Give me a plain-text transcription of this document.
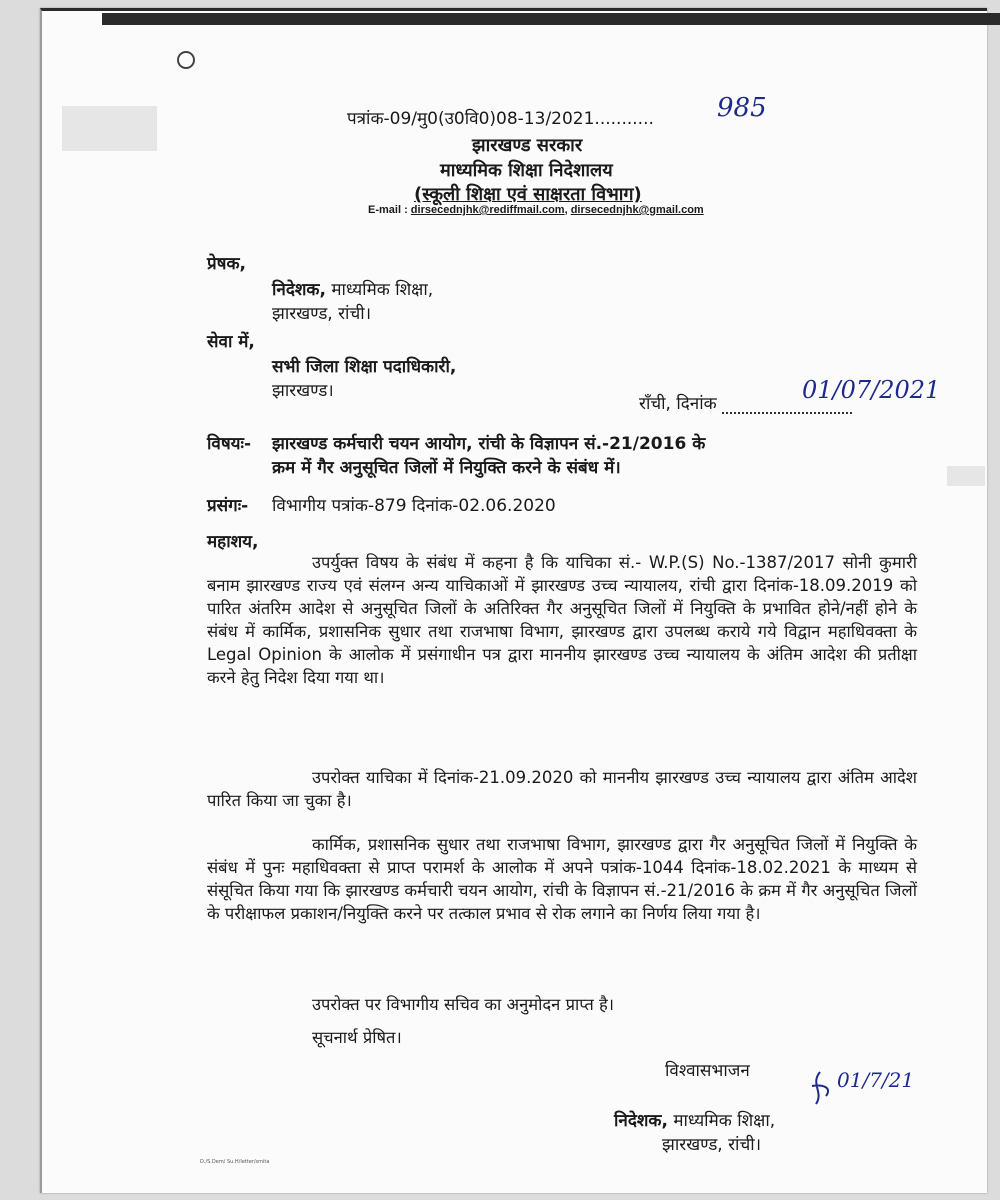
पत्रांक-09/मु0(उ0वि0)08-13/2021........... 985
झारखण्ड सरकार
माध्यमिक शिक्षा निदेशालय
(स्कूली शिक्षा एवं साक्षरता विभाग)
E-mail : dirsecednjhk@rediffmail.com, dirsecednjhk@gmail.com
प्रेषक,
निदेशक, माध्यमिक शिक्षा,
झारखण्ड, रांची।
सेवा में,
सभी जिला शिक्षा पदाधिकारी,
झारखण्ड।
राँची, दिनांक	01/07/2021
विषयः- झारखण्ड कर्मचारी चयन आयोग, रांची के विज्ञापन सं.-21/2016 के
क्रम में गैर अनुसूचित जिलों में नियुक्ति करने के संबंध में।
प्रसंगः- विभागीय पत्रांक-879 दिनांक-02.06.2020
महाशय,
उपर्युक्त विषय के संबंध में कहना है कि याचिका सं.- W.P.(S) No.-1387/2017 सोनी कुमारी बनाम झारखण्ड राज्य एवं संलग्न अन्य याचिकाओं में झारखण्ड उच्च न्यायालय, रांची द्वारा दिनांक-18.09.2019 को पारित अंतरिम आदेश से अनुसूचित जिलों के अतिरिक्त गैर अनुसूचित जिलों में नियुक्ति के प्रभावित होने/नहीं होने के संबंध में कार्मिक, प्रशासनिक सुधार तथा राजभाषा विभाग, झारखण्ड द्वारा उपलब्ध कराये गये विद्वान महाधिवक्ता के Legal Opinion के आलोक में प्रसंगाधीन पत्र द्वारा माननीय झारखण्ड उच्च न्यायालय के अंतिम आदेश की प्रतीक्षा करने हेतु निदेश दिया गया था।
उपरोक्त याचिका में दिनांक-21.09.2020 को माननीय झारखण्ड उच्च न्यायालय द्वारा अंतिम आदेश पारित किया जा चुका है।
कार्मिक, प्रशासनिक सुधार तथा राजभाषा विभाग, झारखण्ड द्वारा गैर अनुसूचित जिलों में नियुक्ति के संबंध में पुनः महाधिवक्ता से प्राप्त परामर्श के आलोक में अपने पत्रांक-1044 दिनांक-18.02.2021 के माध्यम से संसूचित किया गया कि झारखण्ड कर्मचारी चयन आयोग, रांची के विज्ञापन सं.-21/2016 के क्रम में गैर अनुसूचित जिलों के परीक्षाफल प्रकाशन/नियुक्ति करने पर तत्काल प्रभाव से रोक लगाने का निर्णय लिया गया है।
उपरोक्त पर विभागीय सचिव का अनुमोदन प्राप्त है।
सूचनार्थ प्रेषित।
विश्वासभाजन	01/7/21
निदेशक, माध्यमिक शिक्षा,
झारखण्ड, रांची।
D./S.Dem/ Su.H/letter/smita
